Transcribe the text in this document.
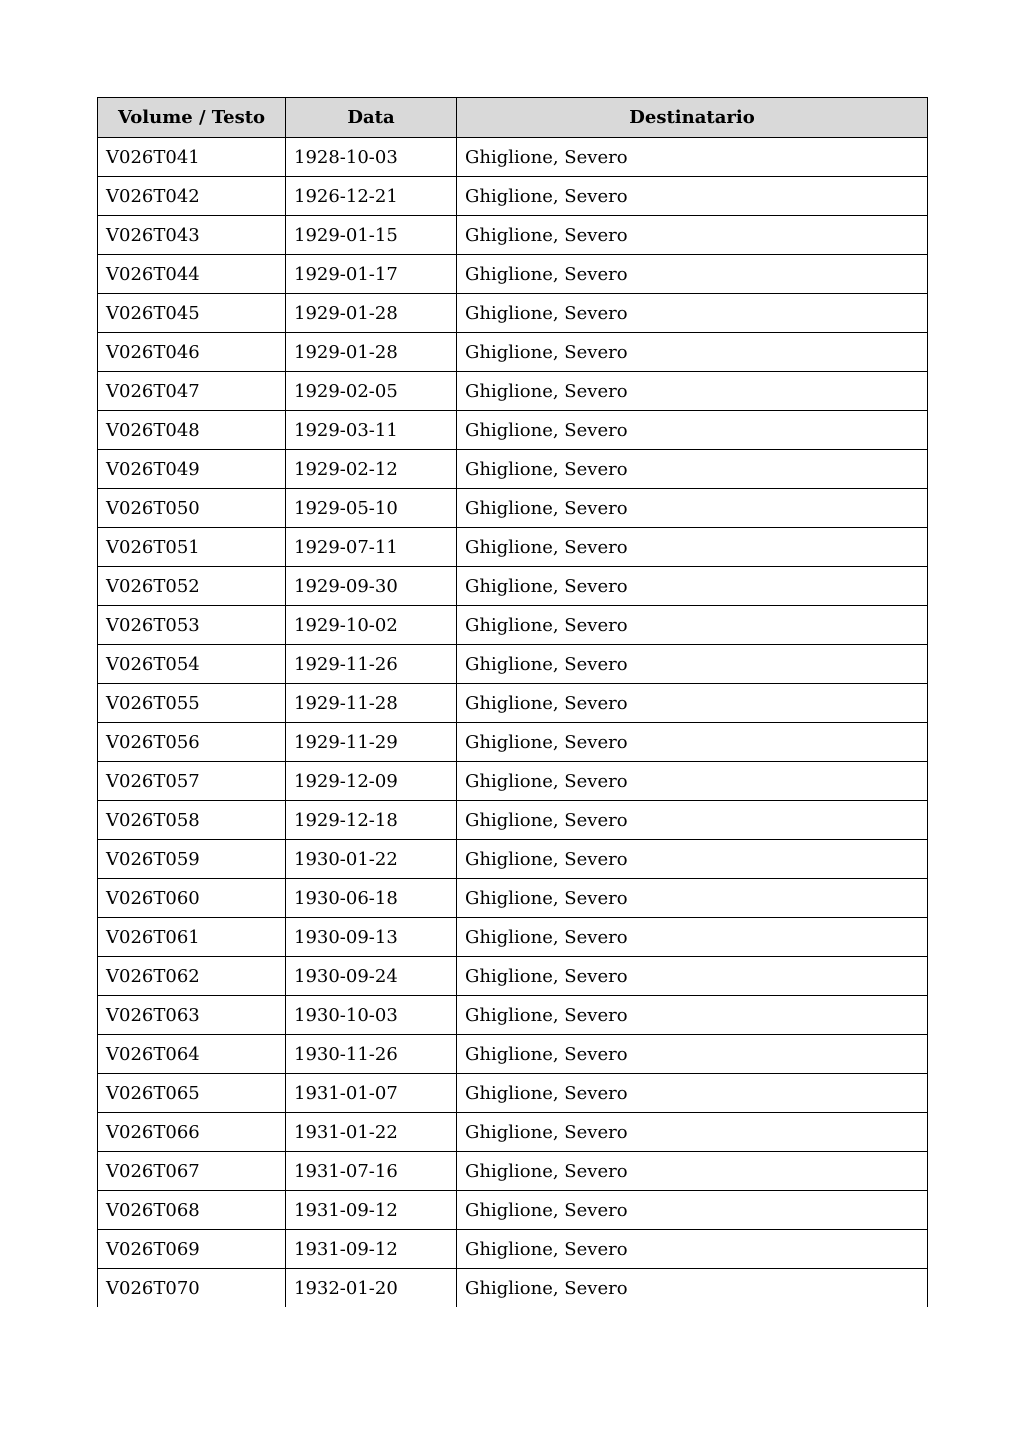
Volume / Testo	Data	Destinatario
V026T041	1928-10-03	Ghiglione, Severo
V026T042	1926-12-21	Ghiglione, Severo
V026T043	1929-01-15	Ghiglione, Severo
V026T044	1929-01-17	Ghiglione, Severo
V026T045	1929-01-28	Ghiglione, Severo
V026T046	1929-01-28	Ghiglione, Severo
V026T047	1929-02-05	Ghiglione, Severo
V026T048	1929-03-11	Ghiglione, Severo
V026T049	1929-02-12	Ghiglione, Severo
V026T050	1929-05-10	Ghiglione, Severo
V026T051	1929-07-11	Ghiglione, Severo
V026T052	1929-09-30	Ghiglione, Severo
V026T053	1929-10-02	Ghiglione, Severo
V026T054	1929-11-26	Ghiglione, Severo
V026T055	1929-11-28	Ghiglione, Severo
V026T056	1929-11-29	Ghiglione, Severo
V026T057	1929-12-09	Ghiglione, Severo
V026T058	1929-12-18	Ghiglione, Severo
V026T059	1930-01-22	Ghiglione, Severo
V026T060	1930-06-18	Ghiglione, Severo
V026T061	1930-09-13	Ghiglione, Severo
V026T062	1930-09-24	Ghiglione, Severo
V026T063	1930-10-03	Ghiglione, Severo
V026T064	1930-11-26	Ghiglione, Severo
V026T065	1931-01-07	Ghiglione, Severo
V026T066	1931-01-22	Ghiglione, Severo
V026T067	1931-07-16	Ghiglione, Severo
V026T068	1931-09-12	Ghiglione, Severo
V026T069	1931-09-12	Ghiglione, Severo
V026T070	1932-01-20	Ghiglione, Severo
